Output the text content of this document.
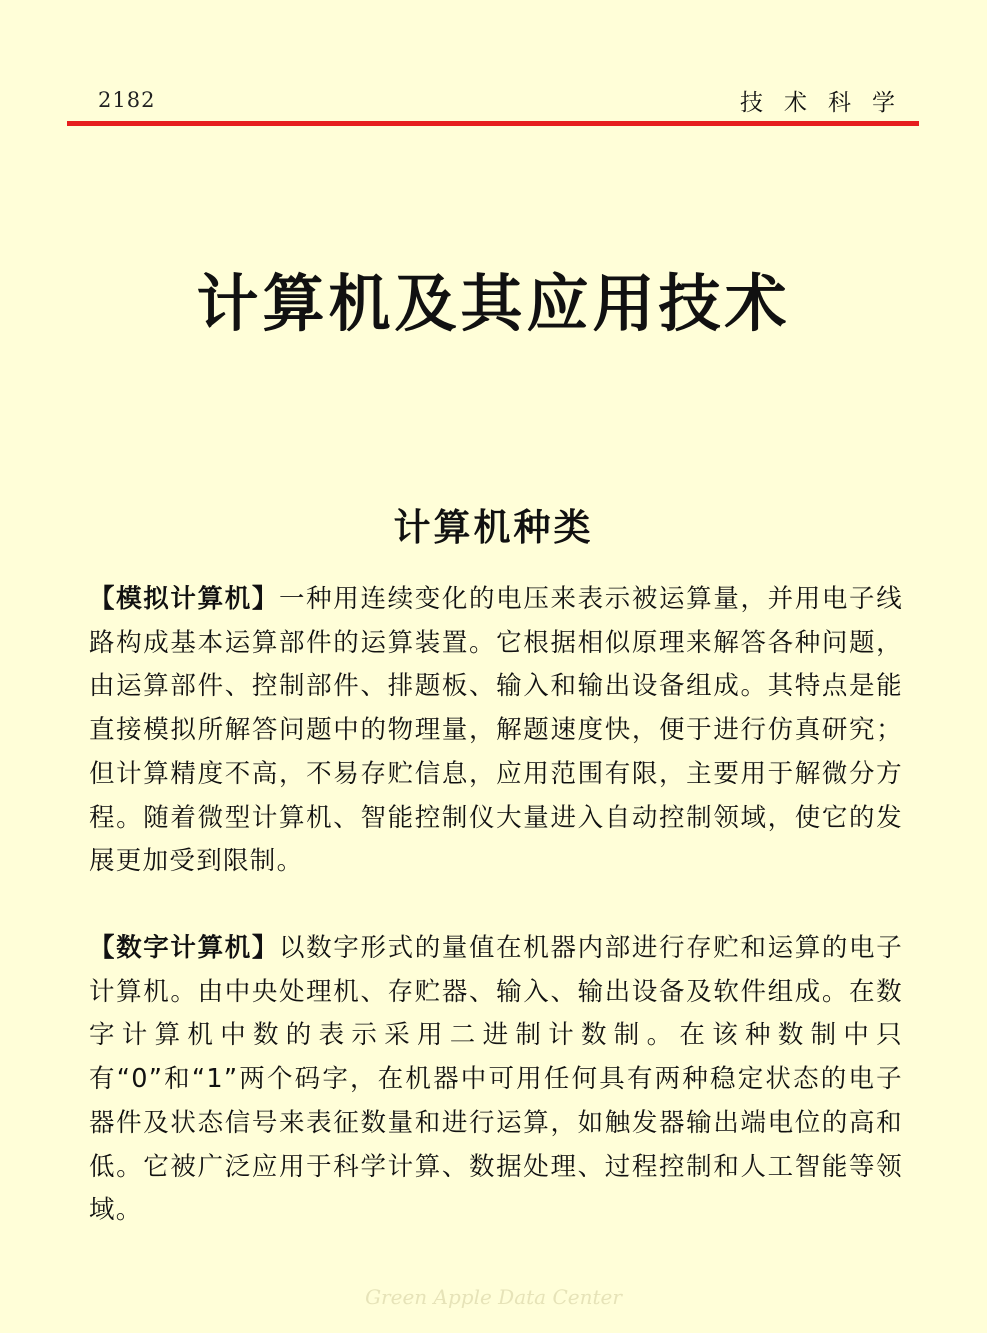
2182	技术科学
计算机及其应用技术
计算机种类

【模拟计算机】一种用连续变化的电压来表示被运算量，并用电子线路构成基本运算部件的运算装置。它根据相似原理来解答各种问题，由运算部件、控制部件、排题板、输入和输出设备组成。其特点是能直接模拟所解答问题中的物理量，解题速度快，便于进行仿真研究；但计算精度不高，不易存贮信息，应用范围有限，主要用于解微分方程。随着微型计算机、智能控制仪大量进入自动控制领域，使它的发展更加受到限制。

【数字计算机】以数字形式的量值在机器内部进行存贮和运算的电子计算机。由中央处理机、存贮器、输入、输出设备及软件组成。在数字计算机中数的表示采用二进制计数制。在该种数制中只有“0”和“1”两个码字，在机器中可用任何具有两种稳定状态的电子器件及状态信号来表征数量和进行运算，如触发器输出端电位的高和低。它被广泛应用于科学计算、数据处理、过程控制和人工智能等领域。

Green Apple Data Center
